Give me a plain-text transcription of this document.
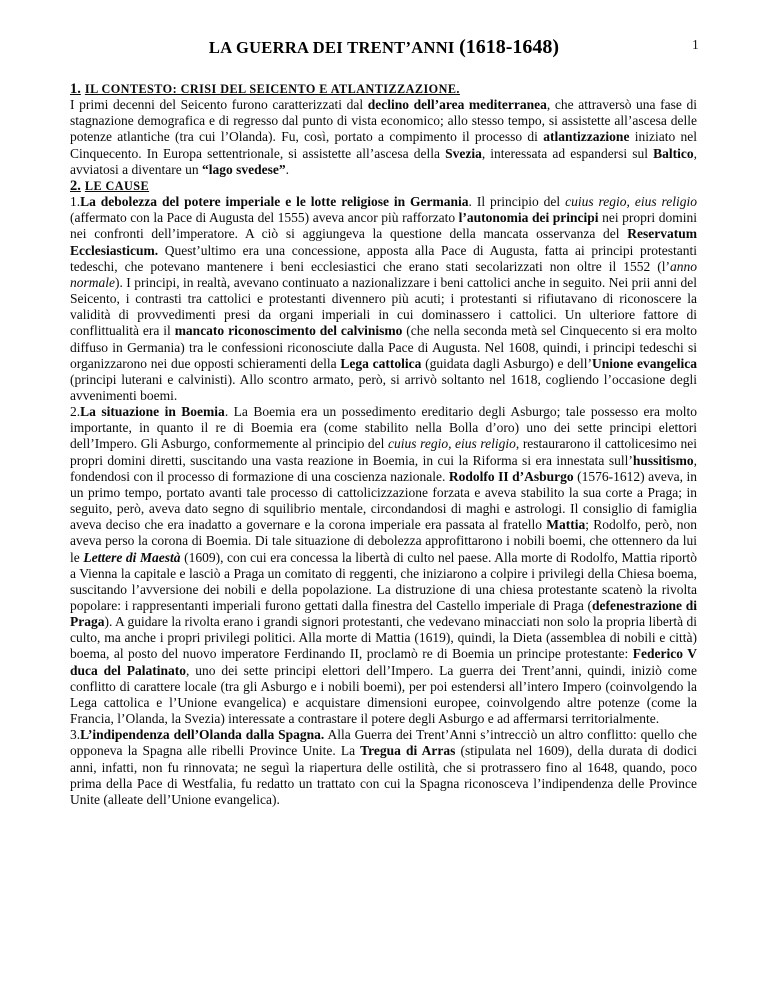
1
LA GUERRA DEI TRENT’ANNI (1618-1648)
1. IL CONTESTO: CRISI DEL SEICENTO E ATLANTIZZAZIONE.

I primi decenni del Seicento furono caratterizzati dal declino dell’area mediterranea, che attraversò una fase di stagnazione demografica e di regresso dal punto di vista economico; allo stesso tempo, si assistette all’ascesa delle potenze atlantiche (tra cui l’Olanda). Fu, così, portato a compimento il processo di atlantizzazione iniziato nel Cinquecento. In Europa settentrionale, si assistette all’ascesa della Svezia, interessata ad espandersi sul Baltico, avviatosi a diventare un “lago svedese”.

2. LE CAUSE

1.La debolezza del potere imperiale e le lotte religiose in Germania. Il principio del cuius regio, eius religio (affermato con la Pace di Augusta del 1555) aveva ancor più rafforzato l’autonomia dei principi nei propri domini nei confronti dell’imperatore. A ciò si aggiungeva la questione della mancata osservanza del Reservatum Ecclesiasticum. Quest’ultimo era una concessione, apposta alla Pace di Augusta, fatta ai principi protestanti tedeschi, che potevano mantenere i beni ecclesiastici che erano stati secolarizzati non oltre il 1552 (l’anno normale). I principi, in realtà, avevano continuato a nazionalizzare i beni cattolici anche in seguito. Nei prii anni del Seicento, i contrasti tra cattolici e protestanti divennero più acuti; i protestanti si rifiutavano di riconoscere la validità di provvedimenti presi da organi imperiali in cui dominassero i cattolici. Un ulteriore fattore di conflittualità era il mancato riconoscimento del calvinismo (che nella seconda metà sel Cinquecento si era molto diffuso in Germania) tra le confessioni riconosciute dalla Pace di Augusta. Nel 1608, quindi, i principi tedeschi si organizzarono nei due opposti schieramenti della Lega cattolica (guidata dagli Asburgo) e dell’Unione evangelica (principi luterani e calvinisti). Allo scontro armato, però, si arrivò soltanto nel 1618, cogliendo l’occasione degli avvenimenti boemi.

2.La situazione in Boemia. La Boemia era un possedimento ereditario degli Asburgo; tale possesso era molto importante, in quanto il re di Boemia era (come stabilito nella Bolla d’oro) uno dei sette principi elettori dell’Impero. Gli Asburgo, conformemente al principio del cuius regio, eius religio, restaurarono il cattolicesimo nei propri domini diretti, suscitando una vasta reazione in Boemia, in cui la Riforma si era innestata sull’hussitismo, fondendosi con il processo di formazione di una coscienza nazionale. Rodolfo II d’Asburgo (1576-1612) aveva, in un primo tempo, portato avanti tale processo di cattolicizzazione forzata e aveva stabilito la sua corte a Praga; in seguito, però, aveva dato segno di squilibrio mentale, circondandosi di maghi e astrologi. Il consiglio di famiglia aveva deciso che era inadatto a governare e la corona imperiale era passata al fratello Mattia; Rodolfo, però, non aveva perso la corona di Boemia. Di tale situazione di debolezza approfittarono i nobili boemi, che ottennero da lui le Lettere di Maestà (1609), con cui era concessa la libertà di culto nel paese. Alla morte di Rodolfo, Mattia riportò a Vienna la capitale e lasciò a Praga un comitato di reggenti, che iniziarono a colpire i privilegi della Chiesa boema, suscitando l’avversione dei nobili e della popolazione. La distruzione di una chiesa protestante scatenò la rivolta popolare: i rappresentanti imperiali furono gettati dalla finestra del Castello imperiale di Praga (defenestrazione di Praga). A guidare la rivolta erano i grandi signori protestanti, che vedevano minacciati non solo la propria libertà di culto, ma anche i propri privilegi politici. Alla morte di Mattia (1619), quindi, la Dieta (assemblea di nobili e città) boema, al posto del nuovo imperatore Ferdinando II, proclamò re di Boemia un principe protestante: Federico V duca del Palatinato, uno dei sette principi elettori dell’Impero. La guerra dei Trent’anni, quindi, iniziò come conflitto di carattere locale (tra gli Asburgo e i nobili boemi), per poi estendersi all’intero Impero (coinvolgendo la Lega cattolica e l’Unione evangelica) e acquistare dimensioni europee, coinvolgendo altre potenze (come la Francia, l’Olanda, la Svezia) interessate a contrastare il potere degli Asburgo e ad affermarsi territorialmente.

3.L’indipendenza dell’Olanda dalla Spagna. Alla Guerra dei Trent’Anni s’intrecciò un altro conflitto: quello che opponeva la Spagna alle ribelli Province Unite. La Tregua di Arras (stipulata nel 1609), della durata di dodici anni, infatti, non fu rinnovata; ne seguì la riapertura delle ostilità, che si protrassero fino al 1648, quando, poco prima della Pace di Westfalia, fu redatto un trattato con cui la Spagna riconosceva l’indipendenza delle Province Unite (alleate dell’Unione evangelica).
